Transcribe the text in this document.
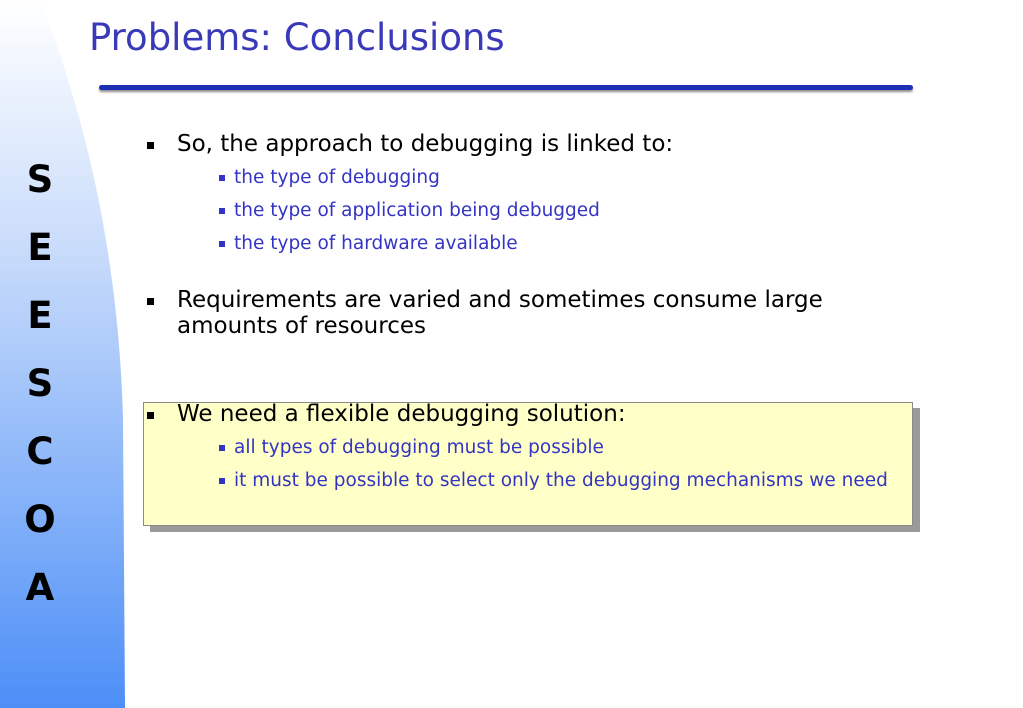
S
E
E
S
C
O
A
Problems: Conclusions
So, the approach to debugging is linked to:
the type of debugging
the type of application being debugged
the type of hardware available
Requirements are varied and sometimes consume large amounts of resources
We need a flexible debugging solution:
all types of debugging must be possible
it must be possible to select only the debugging mechanisms we need
